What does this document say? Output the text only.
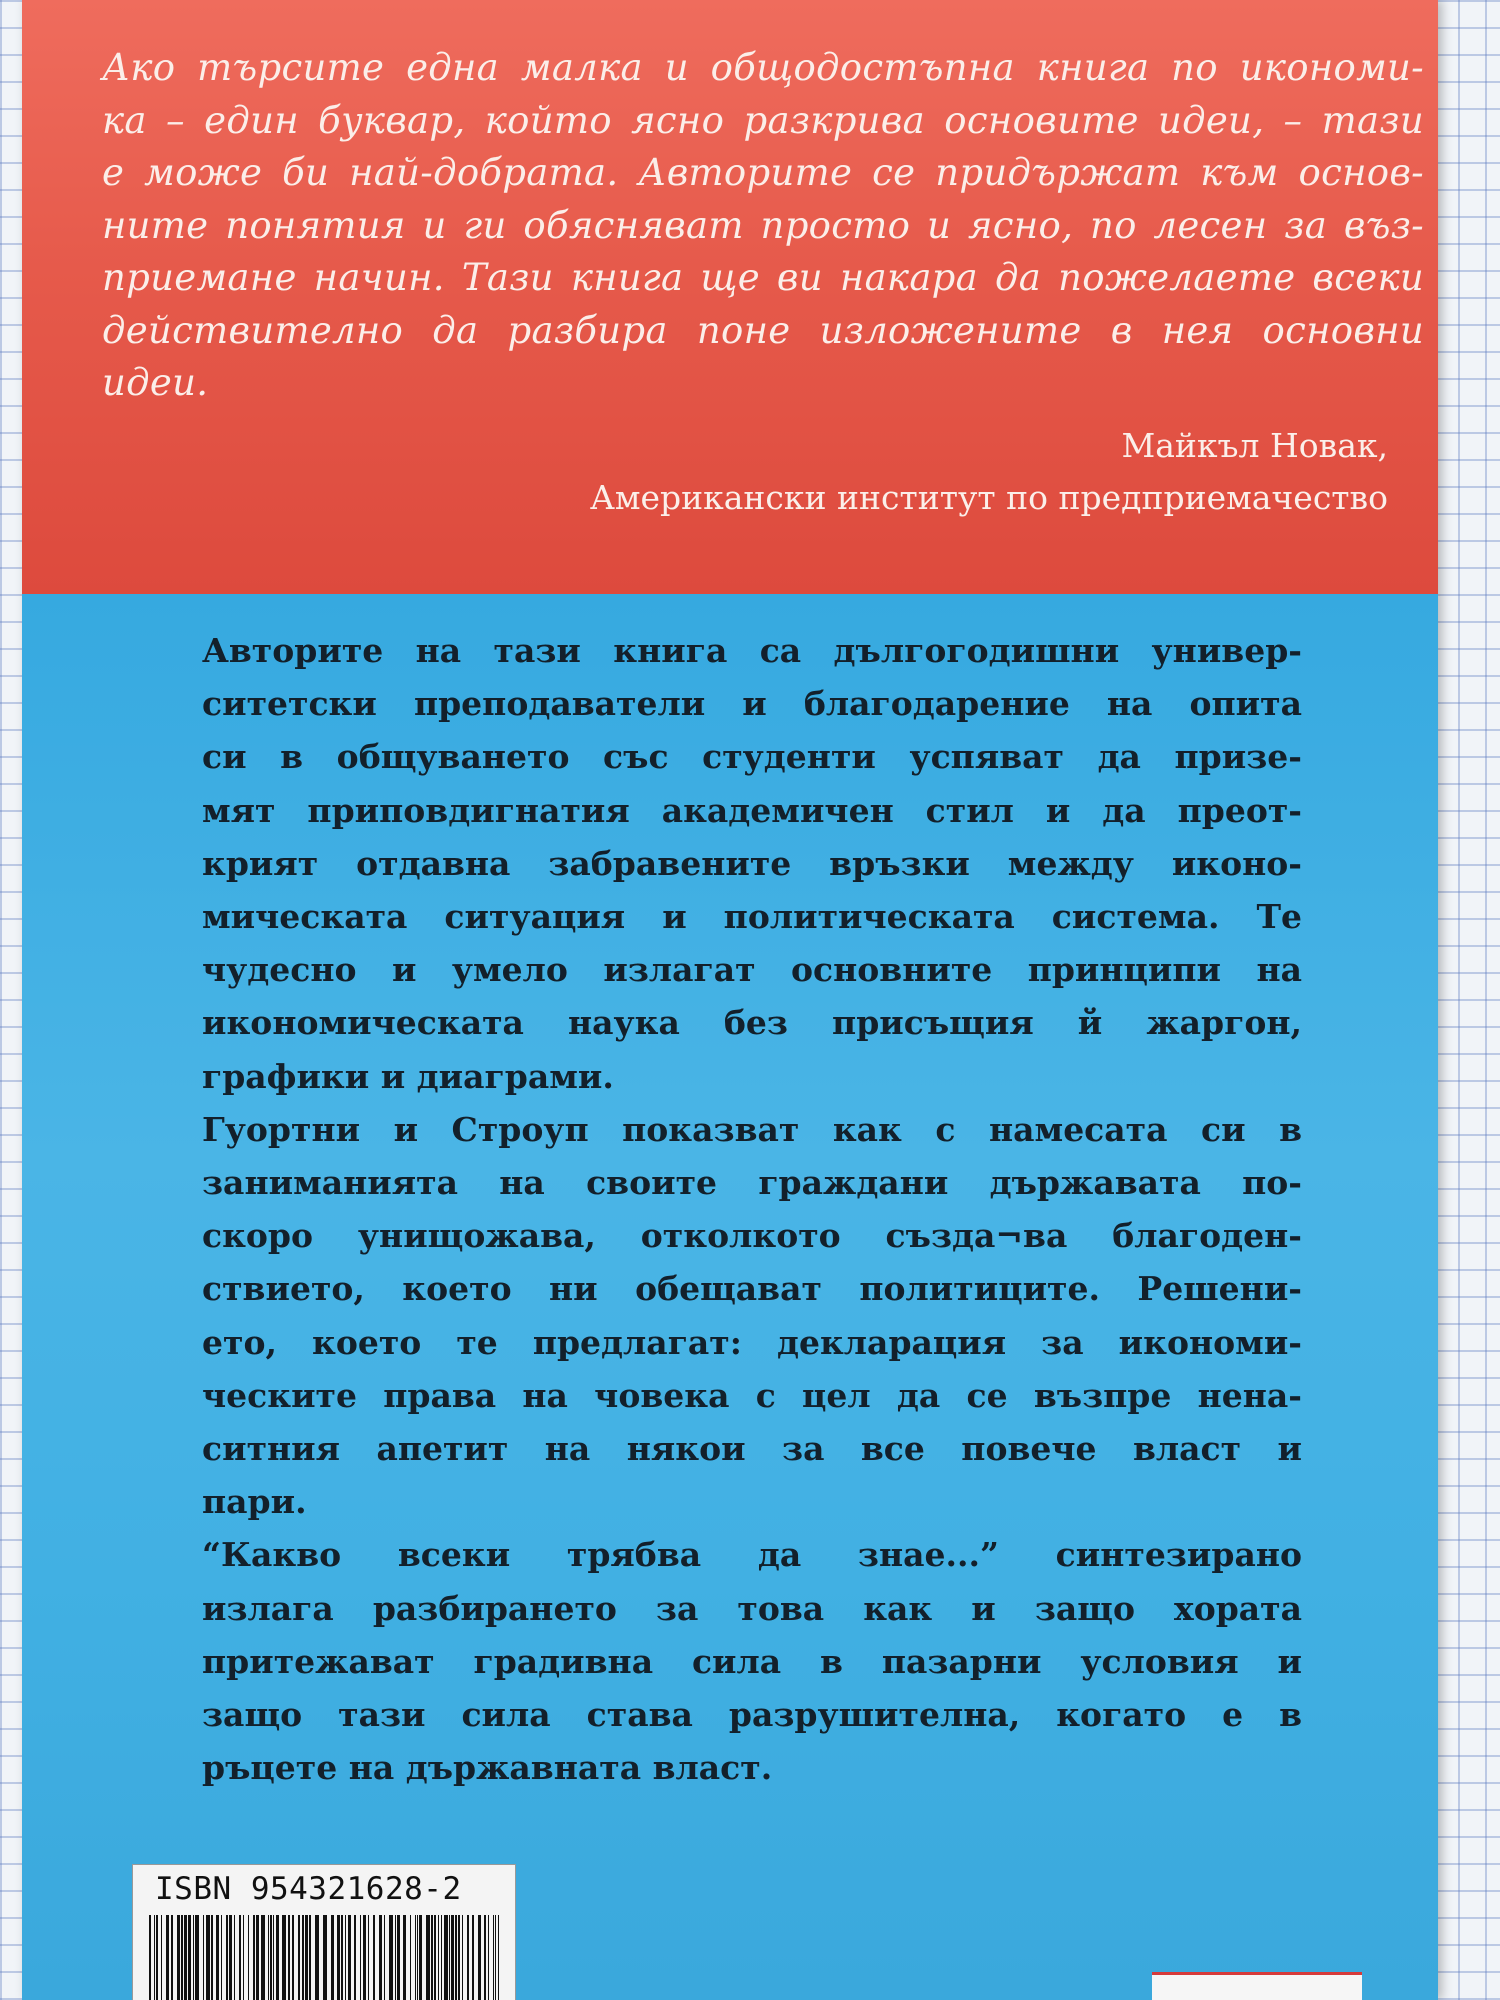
Ако търсите една малка и общодостъпна книга по икономи-
ка – един буквар, който ясно разкрива основите идеи, – тази
е може би най-добрата. Авторите се придържат към основ-
ните понятия и ги обясняват просто и ясно, по лесен за въз-
приемане начин. Тази книга ще ви накара да пожелаете всеки
действително да разбира поне изложените в нея основни
идеи.
Майкъл Новак,
Американски институт по предприемачество
Авторите на тази книга са дългогодишни универ-
ситетски преподаватели и благодарение на опита
си в общуването със студенти успяват да призе-
мят приповдигнатия академичен стил и да преот-
крият отдавна забравените връзки между иконо-
мическата ситуация и политическата система. Те
чудесно и умело излагат основните принципи на
икономическата наука без присъщия й жаргон,
графики и диаграми.
Гуортни и Строуп показват как с намесата си в
заниманията на своите граждани държавата по-
скоро унищожава, отколкото създа¬ва благоден-
ствието, което ни обещават политиците. Решени-
ето, което те предлагат: декларация за икономи-
ческите права на човека с цел да се възпре нена-
ситния апетит на някои за все повече власт и
пари.
“Какво всеки трябва да знае...” синтезирано
излага разбирането за това как и защо хората
притежават градивна сила в пазарни условия и
защо тази сила става разрушителна, когато е в
ръцете на държавната власт.
ISBN 954321628-2
